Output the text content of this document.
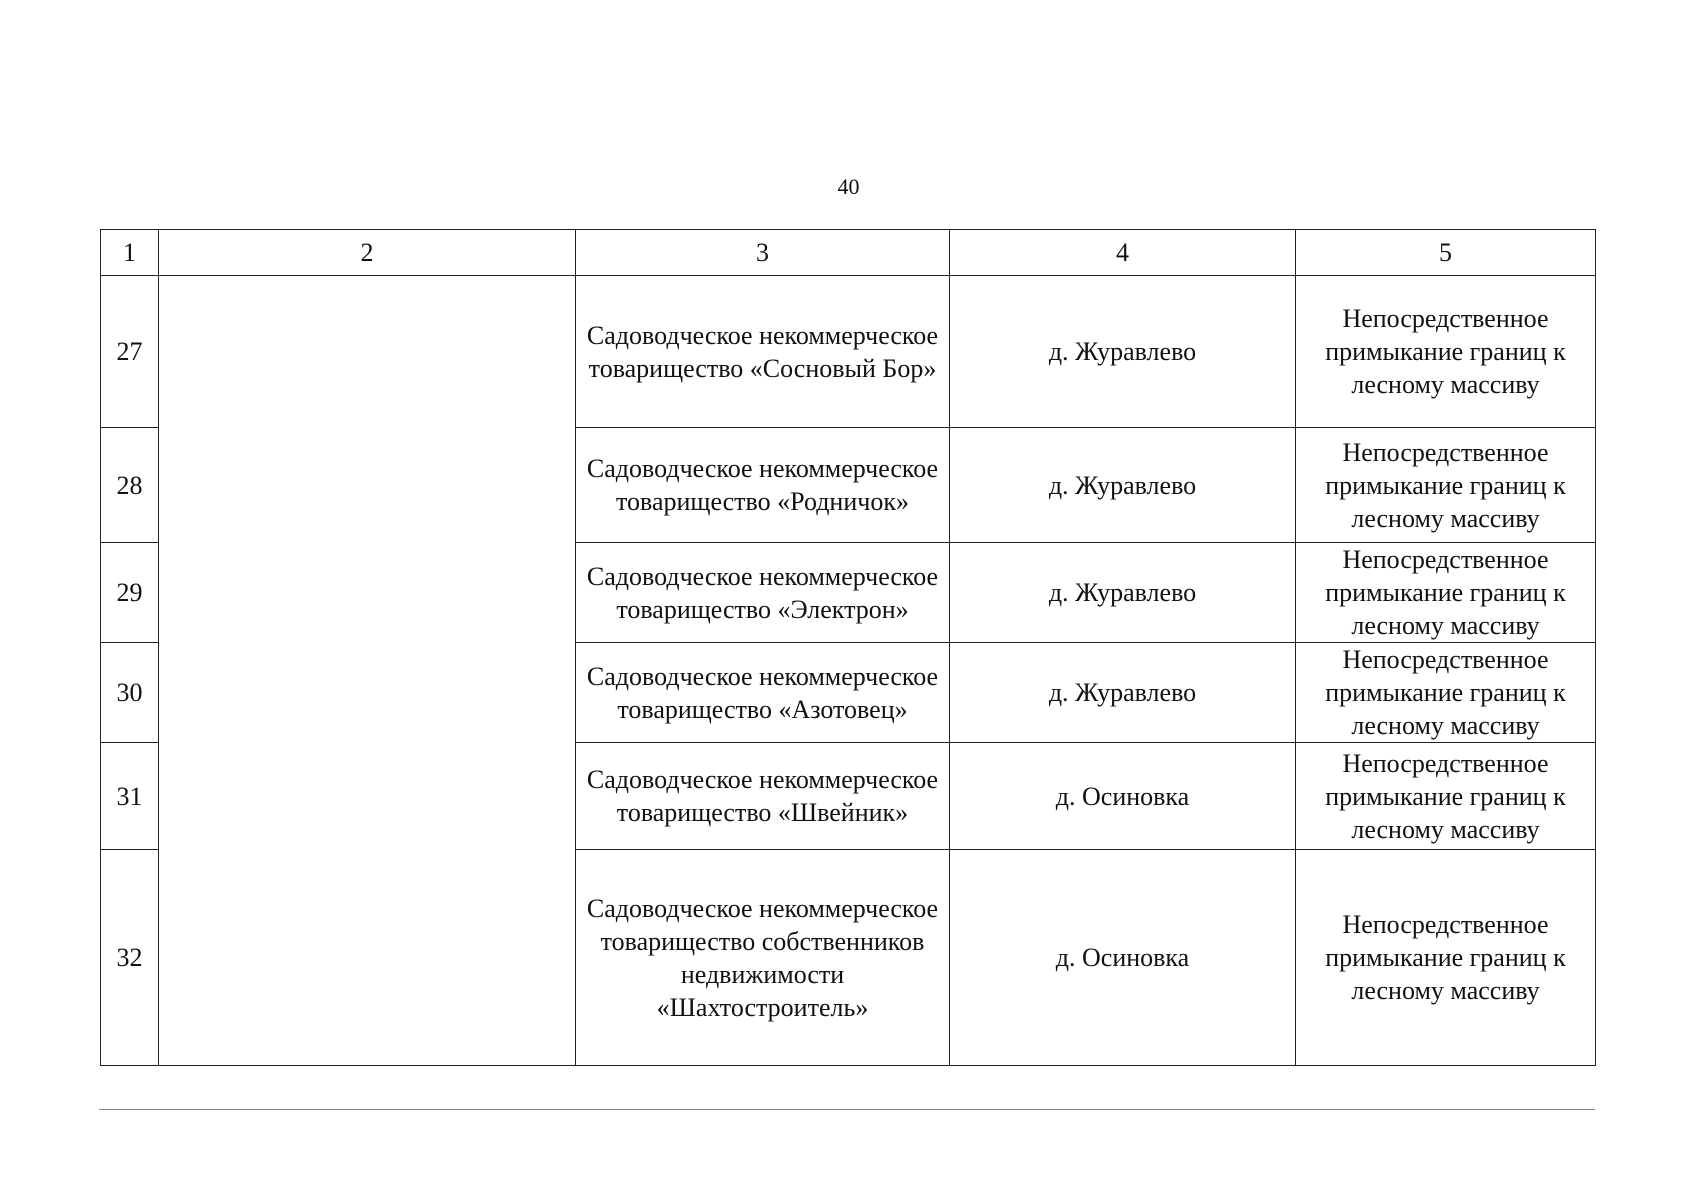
40
1	2	3	4	5
27		Садоводческое некоммерческое товарищество «Сосновый Бор»	д. Журавлево	Непосредственное примыкание границ к лесному массиву
28		Садоводческое некоммерческое товарищество «Родничок»	д. Журавлево	Непосредственное примыкание границ к лесному массиву
29		Садоводческое некоммерческое товарищество «Электрон»	д. Журавлево	Непосредственное примыкание границ к лесному массиву
30		Садоводческое некоммерческое товарищество «Азотовец»	д. Журавлево	Непосредственное примыкание границ к лесному массиву
31		Садоводческое некоммерческое товарищество «Швейник»	д. Осиновка	Непосредственное примыкание границ к лесному массиву
32		Садоводческое некоммерческое товарищество собственников недвижимости «Шахтостроитель»	д. Осиновка	Непосредственное примыкание границ к лесному массиву
